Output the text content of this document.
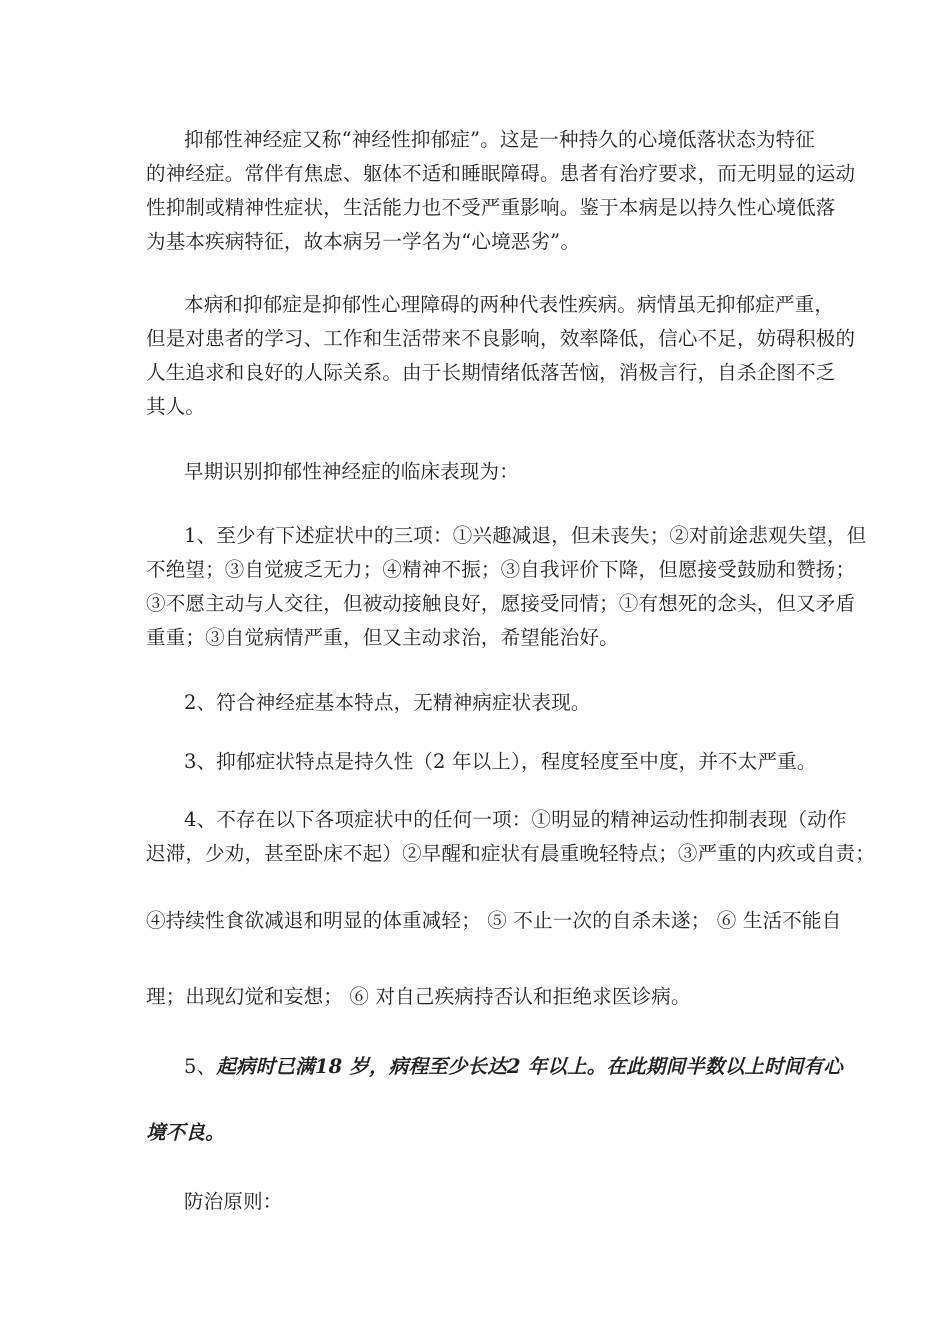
抑郁性神经症又称“神经性抑郁症”。这是一种持久的心境低落状态为特征
的神经症。常伴有焦虑、躯体不适和睡眠障碍。患者有治疗要求，而无明显的运动
性抑制或精神性症状，生活能力也不受严重影响。鉴于本病是以持久性心境低落
为基本疾病特征，故本病另一学名为“心境恶劣”。
本病和抑郁症是抑郁性心理障碍的两种代表性疾病。病情虽无抑郁症严重，
但是对患者的学习、工作和生活带来不良影响，效率降低，信心不足，妨碍积极的
人生追求和良好的人际关系。由于长期情绪低落苦恼，消极言行，自杀企图不乏
其人。
早期识别抑郁性神经症的临床表现为：
1、至少有下述症状中的三项：①兴趣减退，但未丧失；②对前途悲观失望，但
不绝望；③自觉疲乏无力；④精神不振；③自我评价下降，但愿接受鼓励和赞扬；
③不愿主动与人交往，但被动接触良好，愿接受同情；①有想死的念头，但又矛盾
重重；③自觉病情严重，但又主动求治，希望能治好。
2、符合神经症基本特点，无精神病症状表现。
3、抑郁症状特点是持久性（2 年以上），程度轻度至中度，并不太严重。
4、不存在以下各项症状中的任何一项：①明显的精神运动性抑制表现（动作
迟滞，少劝，甚至卧床不起）②早醒和症状有晨重晚轻特点；③严重的内疚或自责；
④持续性食欲减退和明显的体重减轻； ⑤ 不止一次的自杀未遂； ⑥ 生活不能自
理；出现幻觉和妄想； ⑥ 对自己疾病持否认和拒绝求医诊病。
5、起病时已满18 岁，病程至少长达2 年以上。在此期间半数以上时间有心
境不良。
防治原则：
